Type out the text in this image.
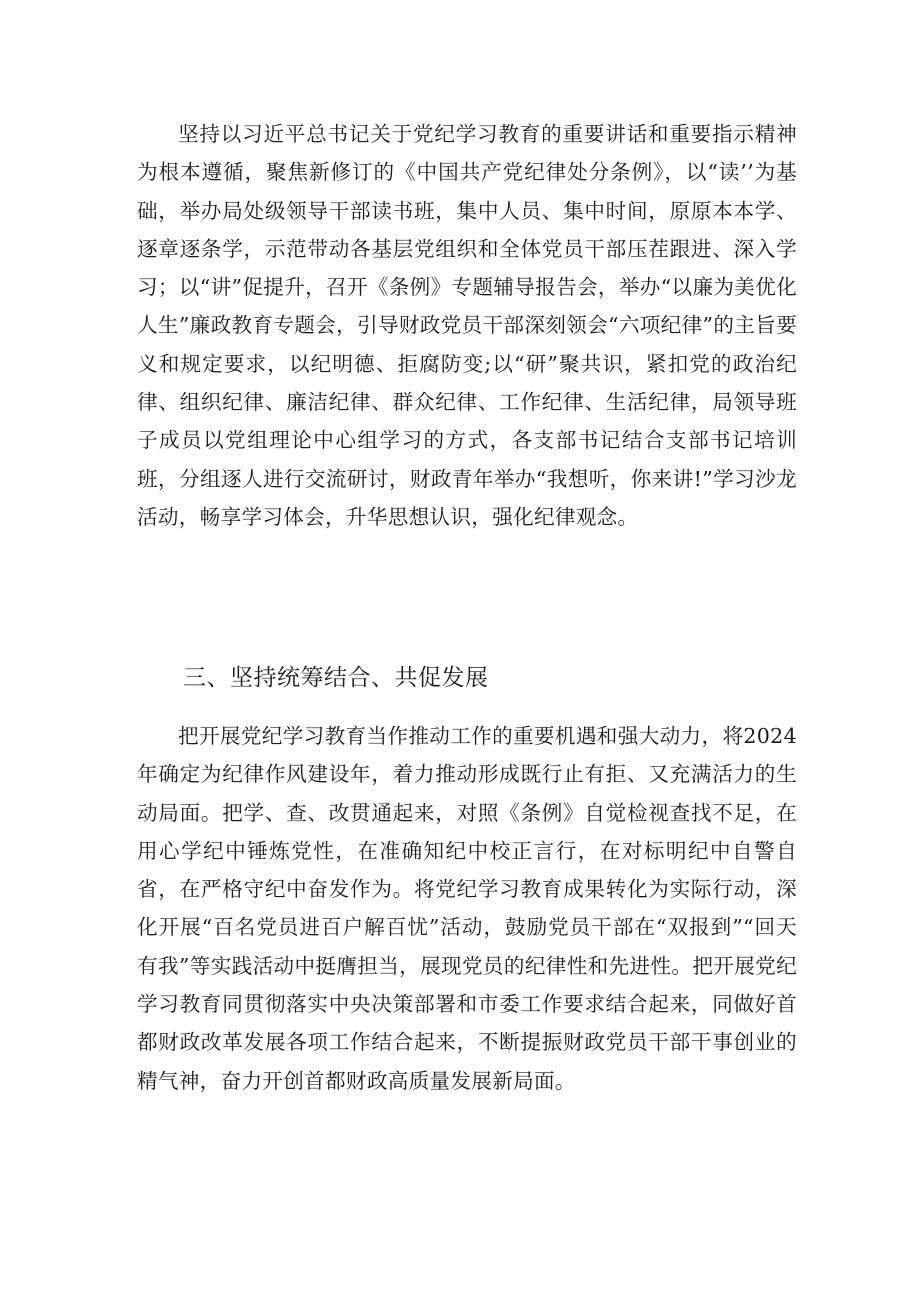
坚持以习近平总书记关于党纪学习教育的重要讲话和重要指示精神为根本遵循，聚焦新修订的《中国共产党纪律处分条例》，以“读’’为基础，举办局处级领导干部读书班，集中人员、集中时间，原原本本学、逐章逐条学，示范带动各基层党组织和全体党员干部压茬跟进、深入学习；以“讲”促提升，召开《条例》专题辅导报告会，举办“以廉为美优化人生”廉政教育专题会，引导财政党员干部深刻领会“六项纪律”的主旨要义和规定要求，以纪明德、拒腐防变;以“研”聚共识，紧扣党的政治纪律、组织纪律、廉洁纪律、群众纪律、工作纪律、生活纪律，局领导班子成员以党组理论中心组学习的方式，各支部书记结合支部书记培训班，分组逐人进行交流研讨，财政青年举办“我想听，你来讲!”学习沙龙活动，畅享学习体会，升华思想认识，强化纪律观念。

三、坚持统筹结合、共促发展

把开展党纪学习教育当作推动工作的重要机遇和强大动力，将2024年确定为纪律作风建设年，着力推动形成既行止有拒、又充满活力的生动局面。把学、查、改贯通起来，对照《条例》自觉检视查找不足，在用心学纪中锤炼党性，在准确知纪中校正言行，在对标明纪中自警自省，在严格守纪中奋发作为。将党纪学习教育成果转化为实际行动，深化开展“百名党员进百户解百忧”活动，鼓励党员干部在“双报到”“回天有我”等实践活动中挺膺担当，展现党员的纪律性和先进性。把开展党纪学习教育同贯彻落实中央决策部署和市委工作要求结合起来，同做好首都财政改革发展各项工作结合起来，不断提振财政党员干部干事创业的精气神，奋力开创首都财政高质量发展新局面。
